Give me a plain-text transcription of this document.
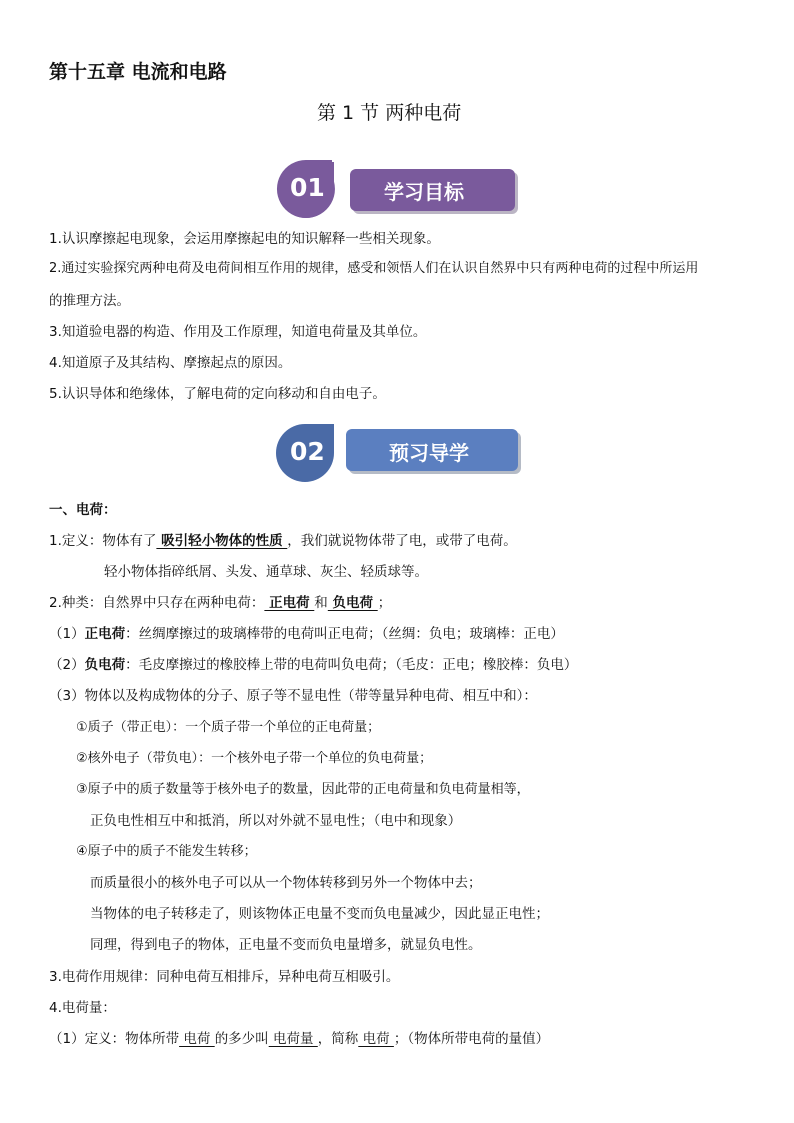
第十五章 电流和电路
第 1 节 两种电荷
01	学习目标
1.认识摩擦起电现象，会运用摩擦起电的知识解释一些相关现象。
2.通过实验探究两种电荷及电荷间相互作用的规律，感受和领悟人们在认识自然界中只有两种电荷的过程中所运用
的推理方法。
3.知道验电器的构造、作用及工作原理，知道电荷量及其单位。
4.知道原子及其结构、摩擦起点的原因。
5.认识导体和绝缘体，了解电荷的定向移动和自由电子。
02	预习导学
一、电荷：
1.定义：物体有了 吸引轻小物体的性质 ，我们就说物体带了电，或带了电荷。
轻小物体指碎纸屑、头发、通草球、灰尘、轻质球等。
2.种类：自然界中只存在两种电荷： 正电荷 和 负电荷 ；
（1）正电荷：丝绸摩擦过的玻璃棒带的电荷叫正电荷；（丝绸：负电；玻璃棒：正电）
（2）负电荷：毛皮摩擦过的橡胶棒上带的电荷叫负电荷；（毛皮：正电；橡胶棒：负电）
（3）物体以及构成物体的分子、原子等不显电性（带等量异种电荷、相互中和）：
①质子（带正电）：一个质子带一个单位的正电荷量；
②核外电子（带负电）：一个核外电子带一个单位的负电荷量；
③原子中的质子数量等于核外电子的数量，因此带的正电荷量和负电荷量相等，
正负电性相互中和抵消，所以对外就不显电性；（电中和现象）
④原子中的质子不能发生转移；
而质量很小的核外电子可以从一个物体转移到另外一个物体中去；
当物体的电子转移走了，则该物体正电量不变而负电量减少，因此显正电性；
同理，得到电子的物体，正电量不变而负电量增多，就显负电性。
3.电荷作用规律：同种电荷互相排斥，异种电荷互相吸引。
4.电荷量：
（1）定义：物体所带 电荷 的多少叫 电荷量 ，简称 电荷 ；（物体所带电荷的量值）
